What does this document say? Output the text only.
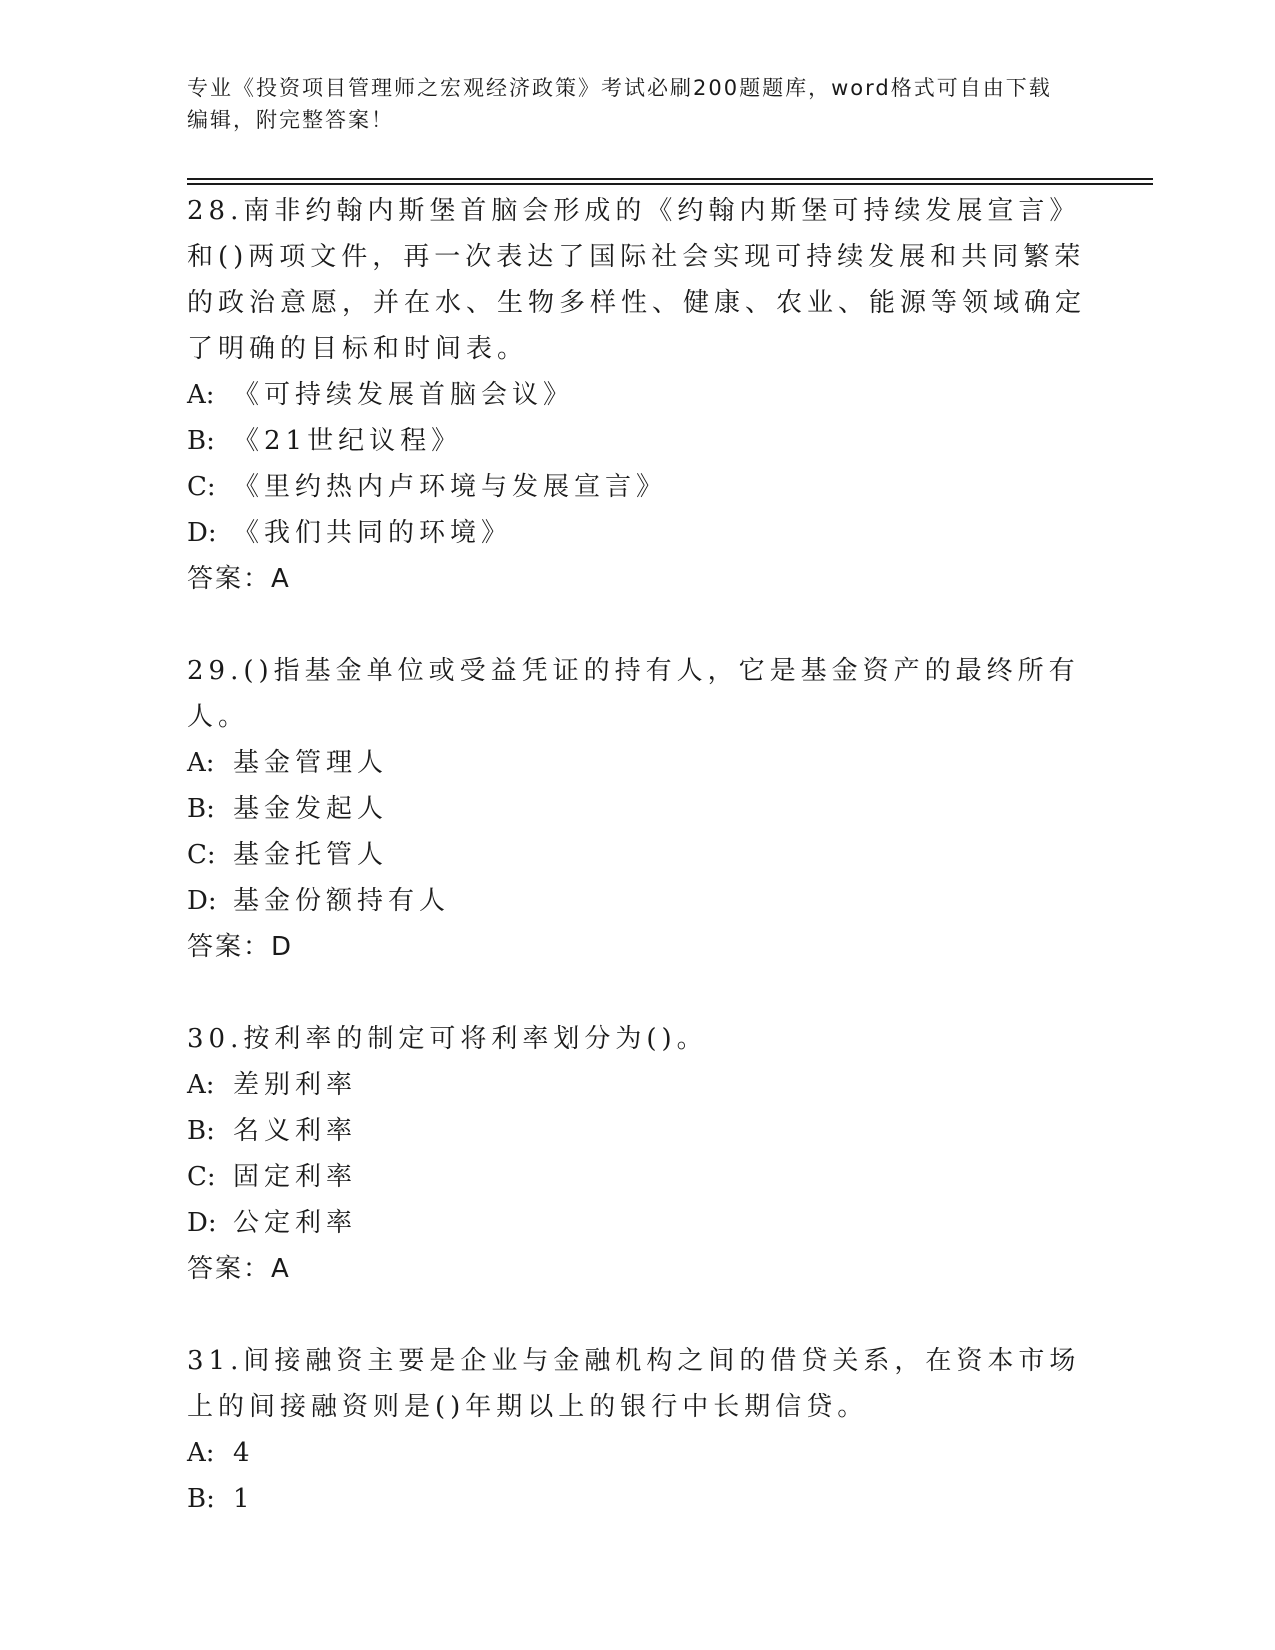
专业《投资项目管理师之宏观经济政策》考试必刷200题题库，word格式可自由下载编辑，附完整答案！

28.南非约翰内斯堡首脑会形成的《约翰内斯堡可持续发展宣言》和()两项文件，再一次表达了国际社会实现可持续发展和共同繁荣的政治意愿，并在水、生物多样性、健康、农业、能源等领域确定了明确的目标和时间表。

A: 《可持续发展首脑会议》
B: 《21世纪议程》
C: 《里约热内卢环境与发展宣言》
D: 《我们共同的环境》
答案：A

29.()指基金单位或受益凭证的持有人，它是基金资产的最终所有人。

A: 基金管理人
B: 基金发起人
C: 基金托管人
D: 基金份额持有人
答案：D

30.按利率的制定可将利率划分为()。

A: 差别利率
B: 名义利率
C: 固定利率
D: 公定利率
答案：A

31.间接融资主要是企业与金融机构之间的借贷关系，在资本市场上的间接融资则是()年期以上的银行中长期信贷。

A: 4
B: 1
